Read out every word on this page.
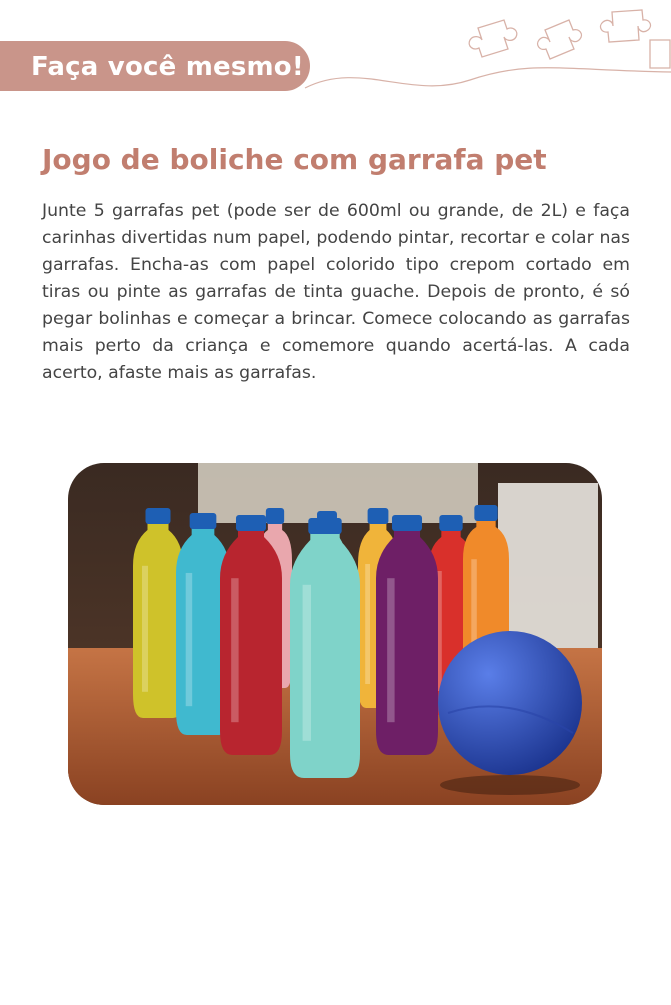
Faça você mesmo!
Jogo de boliche com garrafa pet

Junte 5 garrafas pet (pode ser de 600ml ou grande, de 2L) e faça carinhas divertidas num papel, podendo pintar, recortar e colar nas garrafas. Encha-as com papel colorido tipo crepom cortado em tiras ou pinte as garrafas de tinta guache. Depois de pronto, é só pegar bolinhas e começar a brincar. Comece colocando as garrafas mais perto da criança e comemore quando acertá-las. A cada acerto, afaste mais as garrafas.
